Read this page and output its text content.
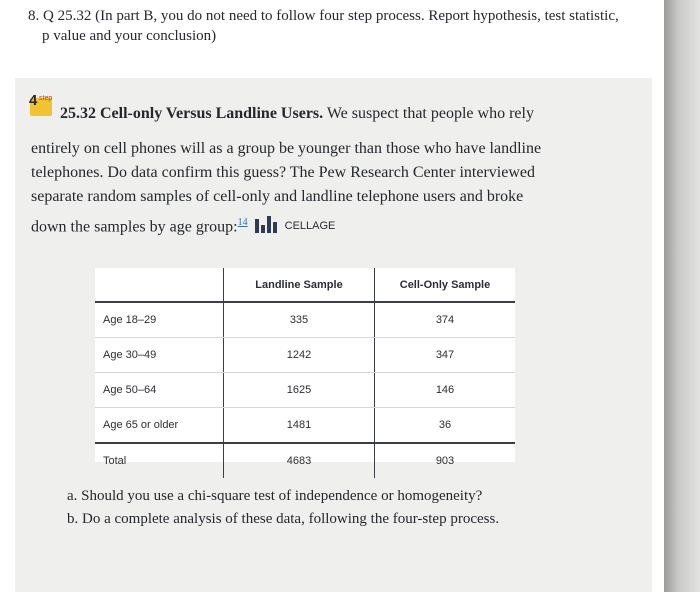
8. Q 25.32 (In part B, you do not need to follow four step process. Report hypothesis, test statistic,
p value and your conclusion)
4 step
25.32 Cell-only Versus Landline Users. We suspect that people who rely
entirely on cell phones will as a group be younger than those who have landline
telephones. Do data confirm this guess? The Pew Research Center interviewed
separate random samples of cell-only and landline telephone users and broke
down the samples by age group:$^{14}$	CELLAGE
	Landline Sample	Cell-Only Sample
Age 18–29	335	374
Age 30–49	1242	347
Age 50–64	1625	146
Age 65 or older	1481	36
Total	4683	903
a. Should you use a chi-square test of independence or homogeneity?
b. Do a complete analysis of these data, following the four-step process.
